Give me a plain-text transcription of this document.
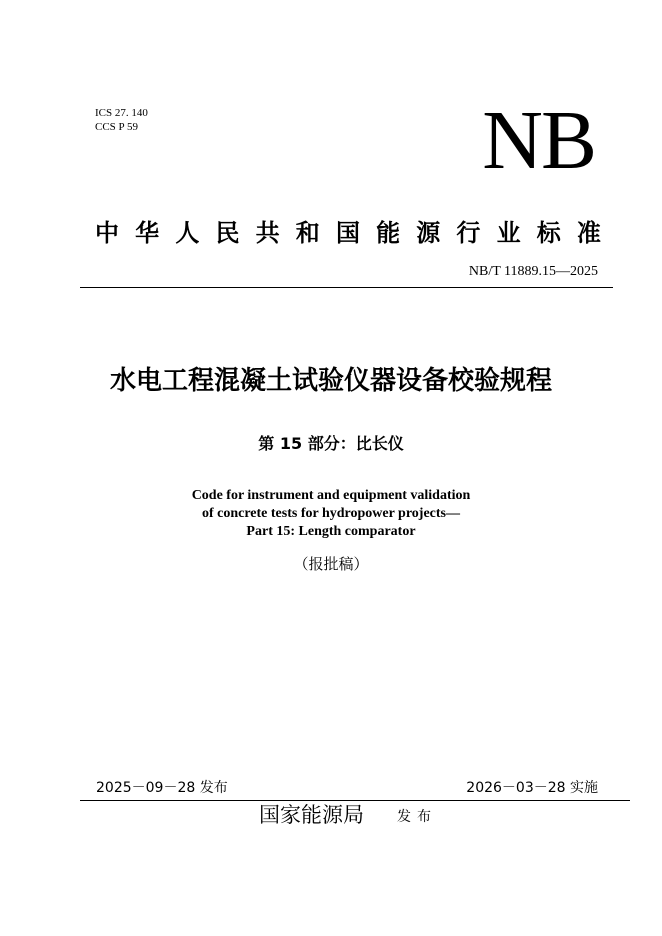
ICS 27. 140
CCS P 59	NB
中 华 人 民 共 和 国 能 源 行 业 标 准
NB/T 11889.15—2025
水电工程混凝土试验仪器设备校验规程
第 15 部分：比长仪
Code for instrument and equipment validation
of concrete tests for hydropower projects—
Part 15: Length comparator
（报批稿）
2025－09－28 发布	2026－03－28 实施
国家能源局 发布
